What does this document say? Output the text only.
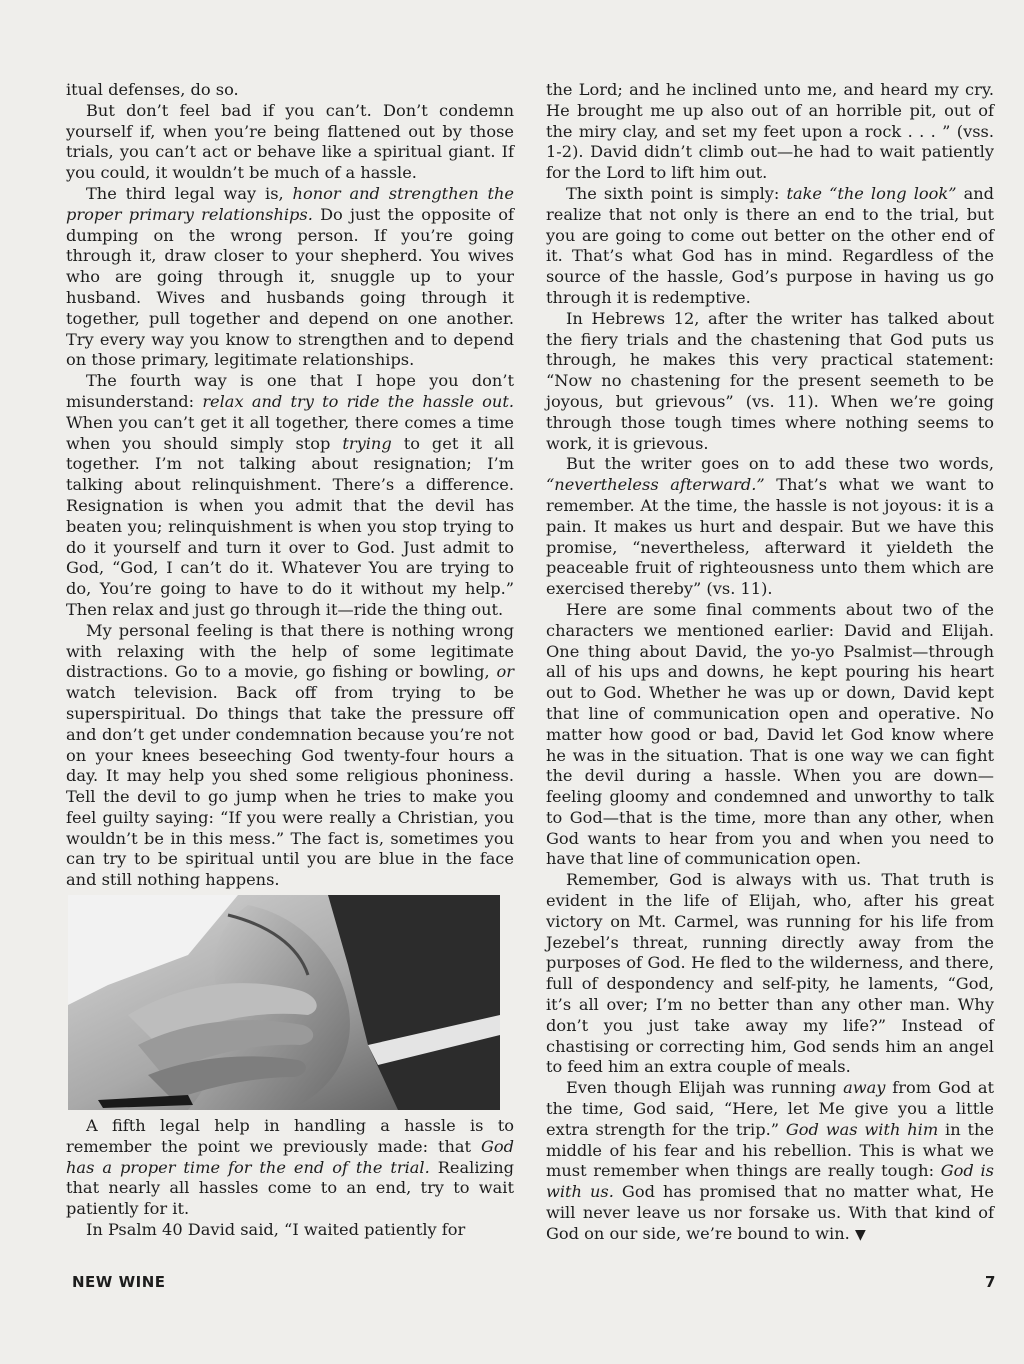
itual defenses, do so.

But don’t feel bad if you can’t. Don’t condemn yourself if, when you’re being flattened out by those trials, you can’t act or behave like a spiritual giant. If you could, it wouldn’t be much of a hassle.

The third legal way is, honor and strengthen the proper primary relationships. Do just the opposite of dumping on the wrong person. If you’re going through it, draw closer to your shepherd. You wives who are going through it, snuggle up to your husband. Wives and husbands going through it together, pull together and depend on one another. Try every way you know to strengthen and to depend on those primary, legitimate relationships.

The fourth way is one that I hope you don’t misunderstand: relax and try to ride the hassle out. When you can’t get it all together, there comes a time when you should simply stop trying to get it all together. I’m not talking about resignation; I’m talking about relinquishment. There’s a difference. Resignation is when you admit that the devil has beaten you; relinquishment is when you stop trying to do it yourself and turn it over to God. Just admit to God, “God, I can’t do it. Whatever You are trying to do, You’re going to have to do it without my help.” Then relax and just go through it—ride the thing out.

My personal feeling is that there is nothing wrong with relaxing with the help of some legitimate distractions. Go to a movie, go fishing or bowling, or watch television. Back off from trying to be superspiritual. Do things that take the pressure off and don’t get under condemnation because you’re not on your knees beseeching God twenty-four hours a day. It may help you shed some religious phoniness. Tell the devil to go jump when he tries to make you feel guilty saying: “If you were really a Christian, you wouldn’t be in this mess.” The fact is, sometimes you can try to be spiritual until you are blue in the face and still nothing happens.

A fifth legal help in handling a hassle is to remember the point we previously made: that God has a proper time for the end of the trial. Realizing that nearly all hassles come to an end, try to wait patiently for it.

In Psalm 40 David said, “I waited patiently for

the Lord; and he inclined unto me, and heard my cry. He brought me up also out of an horrible pit, out of the miry clay, and set my feet upon a rock . . . ” (vss. 1-2). David didn’t climb out—he had to wait patiently for the Lord to lift him out.

The sixth point is simply: take “the long look” and realize that not only is there an end to the trial, but you are going to come out better on the other end of it. That’s what God has in mind. Regardless of the source of the hassle, God’s purpose in having us go through it is redemptive.

In Hebrews 12, after the writer has talked about the fiery trials and the chastening that God puts us through, he makes this very practical statement: “Now no chastening for the present seemeth to be joyous, but grievous” (vs. 11). When we’re going through those tough times where nothing seems to work, it is grievous.

But the writer goes on to add these two words, “nevertheless afterward.” That’s what we want to remember. At the time, the hassle is not joyous: it is a pain. It makes us hurt and despair. But we have this promise, “nevertheless, afterward it yieldeth the peaceable fruit of righteousness unto them which are exercised thereby” (vs. 11).

Here are some final comments about two of the characters we mentioned earlier: David and Elijah. One thing about David, the yo-yo Psalmist—through all of his ups and downs, he kept pouring his heart out to God. Whether he was up or down, David kept that line of communication open and operative. No matter how good or bad, David let God know where he was in the situation. That is one way we can fight the devil during a hassle. When you are down—feeling gloomy and condemned and unworthy to talk to God—that is the time, more than any other, when God wants to hear from you and when you need to have that line of communication open.

Remember, God is always with us. That truth is evident in the life of Elijah, who, after his great victory on Mt. Carmel, was running for his life from Jezebel’s threat, running directly away from the purposes of God. He fled to the wilderness, and there, full of despondency and self-pity, he laments, “God, it’s all over; I’m no better than any other man. Why don’t you just take away my life?” Instead of chastising or correcting him, God sends him an angel to feed him an extra couple of meals.

Even though Elijah was running away from God at the time, God said, “Here, let Me give you a little extra strength for the trip.” God was with him in the middle of his fear and his rebellion. This is what we must remember when things are really tough: God is with us. God has promised that no matter what, He will never leave us nor forsake us. With that kind of God on our side, we’re bound to win. ▼

NEW WINE	7
